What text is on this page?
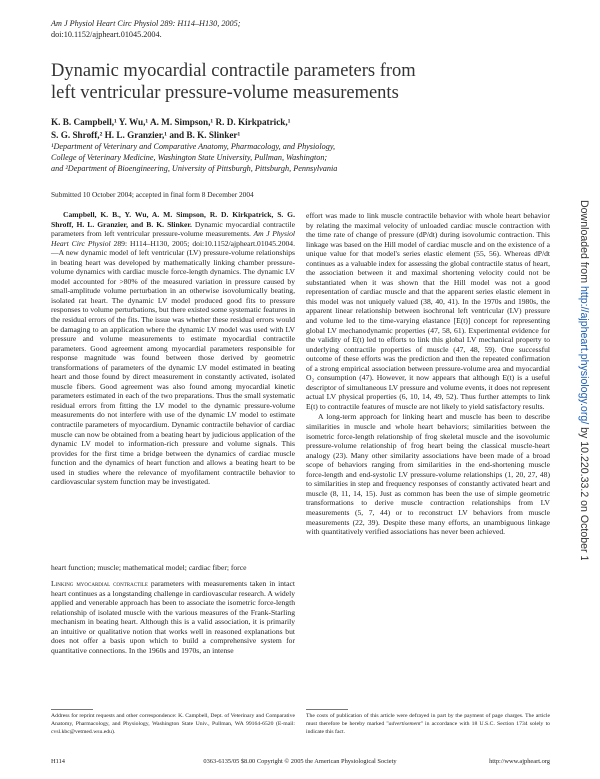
Am J Physiol Heart Circ Physiol 289: H114–H130, 2005;
doi:10.1152/ajpheart.01045.2004.
Dynamic myocardial contractile parameters from
left ventricular pressure-volume measurements
K. B. Campbell,¹ Y. Wu,¹ A. M. Simpson,¹ R. D. Kirkpatrick,¹
S. G. Shroff,² H. L. Granzier,¹ and B. K. Slinker¹
¹Department of Veterinary and Comparative Anatomy, Pharmacology, and Physiology,
College of Veterinary Medicine, Washington State University, Pullman, Washington;
and ²Department of Bioengineering, University of Pittsburgh, Pittsburgh, Pennsylvania
Submitted 10 October 2004; accepted in final form 8 December 2004

Campbell, K. B., Y. Wu, A. M. Simpson, R. D. Kirkpatrick, S. G. Shroff, H. L. Granzier, and B. K. Slinker. Dynamic myocardial contractile parameters from left ventricular pressure-volume measurements. Am J Physiol Heart Circ Physiol 289: H114–H130, 2005; doi:10.1152/ajpheart.01045.2004.—A new dynamic model of left ventricular (LV) pressure-volume relationships in beating heart was developed by mathematically linking chamber pressure-volume dynamics with cardiac muscle force-length dynamics. The dynamic LV model accounted for >80% of the measured variation in pressure caused by small-amplitude volume perturbation in an otherwise isovolumically beating, isolated rat heart. The dynamic LV model produced good fits to pressure responses to volume perturbations, but there existed some systematic features in the residual errors of the fits. The issue was whether these residual errors would be damaging to an application where the dynamic LV model was used with LV pressure and volume measurements to estimate myocardial contractile parameters. Good agreement among myocardial parameters responsible for response magnitude was found between those derived by geometric transformations of parameters of the dynamic LV model estimated in beating heart and those found by direct measurement in constantly activated, isolated muscle fibers. Good agreement was also found among myocardial kinetic parameters estimated in each of the two preparations. Thus the small systematic residual errors from fitting the LV model to the dynamic pressure-volume measurements do not interfere with use of the dynamic LV model to estimate contractile parameters of myocardium. Dynamic contractile behavior of cardiac muscle can now be obtained from a beating heart by judicious application of the dynamic LV model to information-rich pressure and volume signals. This provides for the first time a bridge between the dynamics of cardiac muscle function and the dynamics of heart function and allows a beating heart to be used in studies where the relevance of myofilament contractile behavior to cardiovascular system function may be investigated.

heart function; muscle; mathematical model; cardiac fiber; force

Linking myocardial contractile parameters with measurements taken in intact heart continues as a longstanding challenge in cardiovascular research. A widely applied and venerable approach has been to associate the isometric force-length relationship of isolated muscle with the various measures of the Frank-Starling mechanism in beating heart. Although this is a valid association, it is primarily an intuitive or qualitative notion that works well in reasoned explanations but does not offer a basis upon which to build a comprehensive system for quantitative connections. In the 1960s and 1970s, an intense

effort was made to link muscle contractile behavior with whole heart behavior by relating the maximal velocity of unloaded cardiac muscle contraction with the time rate of change of pressure (dP/dt) during isovolumic contraction. This linkage was based on the Hill model of cardiac muscle and on the existence of a unique value for that model's series elastic element (55, 56). Whereas dP/dt continues as a valuable index for assessing the global contractile status of heart, the association between it and maximal shortening velocity could not be substantiated when it was shown that the Hill model was not a good representation of cardiac muscle and that the apparent series elastic element in this model was not uniquely valued (38, 40, 41). In the 1970s and 1980s, the apparent linear relationship between isochronal left ventricular (LV) pressure and volume led to the time-varying elastance [E(t)] concept for representing global LV mechanodynamic properties (47, 58, 61). Experimental evidence for the validity of E(t) led to efforts to link this global LV mechanical property to underlying contractile properties of muscle (47, 48, 59). One successful outcome of these efforts was the prediction and then the repeated confirmation of a strong empirical association between pressure-volume area and myocardial O₂ consumption (47). However, it now appears that although E(t) is a useful descriptor of simultaneous LV pressure and volume events, it does not represent actual LV physical properties (6, 10, 14, 49, 52). Thus further attempts to link E(t) to contractile features of muscle are not likely to yield satisfactory results.

A long-term approach for linking heart and muscle has been to describe similarities in muscle and whole heart behaviors; similarities between the isometric force-length relationship of frog skeletal muscle and the isovolumic pressure-volume relationship of frog heart being the classical muscle-heart analogy (23). Many other similarity associations have been made of a broad scope of behaviors ranging from similarities in the end-shortening muscle force-length and end-systolic LV pressure-volume relationships (1, 20, 27, 48) to similarities in step and frequency responses of constantly activated heart and muscle (8, 11, 14, 15). Just as common has been the use of simple geometric transformations to derive muscle contraction relationships from LV measurements (5, 7, 44) or to reconstruct LV behaviors from muscle measurements (22, 39). Despite these many efforts, an unambiguous linkage with quantitatively verified associations has never been achieved.

Address for reprint requests and other correspondence: K. Campbell, Dept. of Veterinary and Comparative Anatomy, Pharmacology, and Physiology, Washington State Univ., Pullman, WA 99164-6520 (E-mail: cvsl.kbc@vetmed.wsu.edu).
The costs of publication of this article were defrayed in part by the payment of page charges. The article must therefore be hereby marked "advertisement" in accordance with 18 U.S.C. Section 1734 solely to indicate this fact.
H114	0363-6135/05 $8.00 Copyright © 2005 the American Physiological Society	http://www.ajpheart.org
Downloaded from http://ajpheart.physiology.org/ by 10.220.33.2 on October 15, 2017
